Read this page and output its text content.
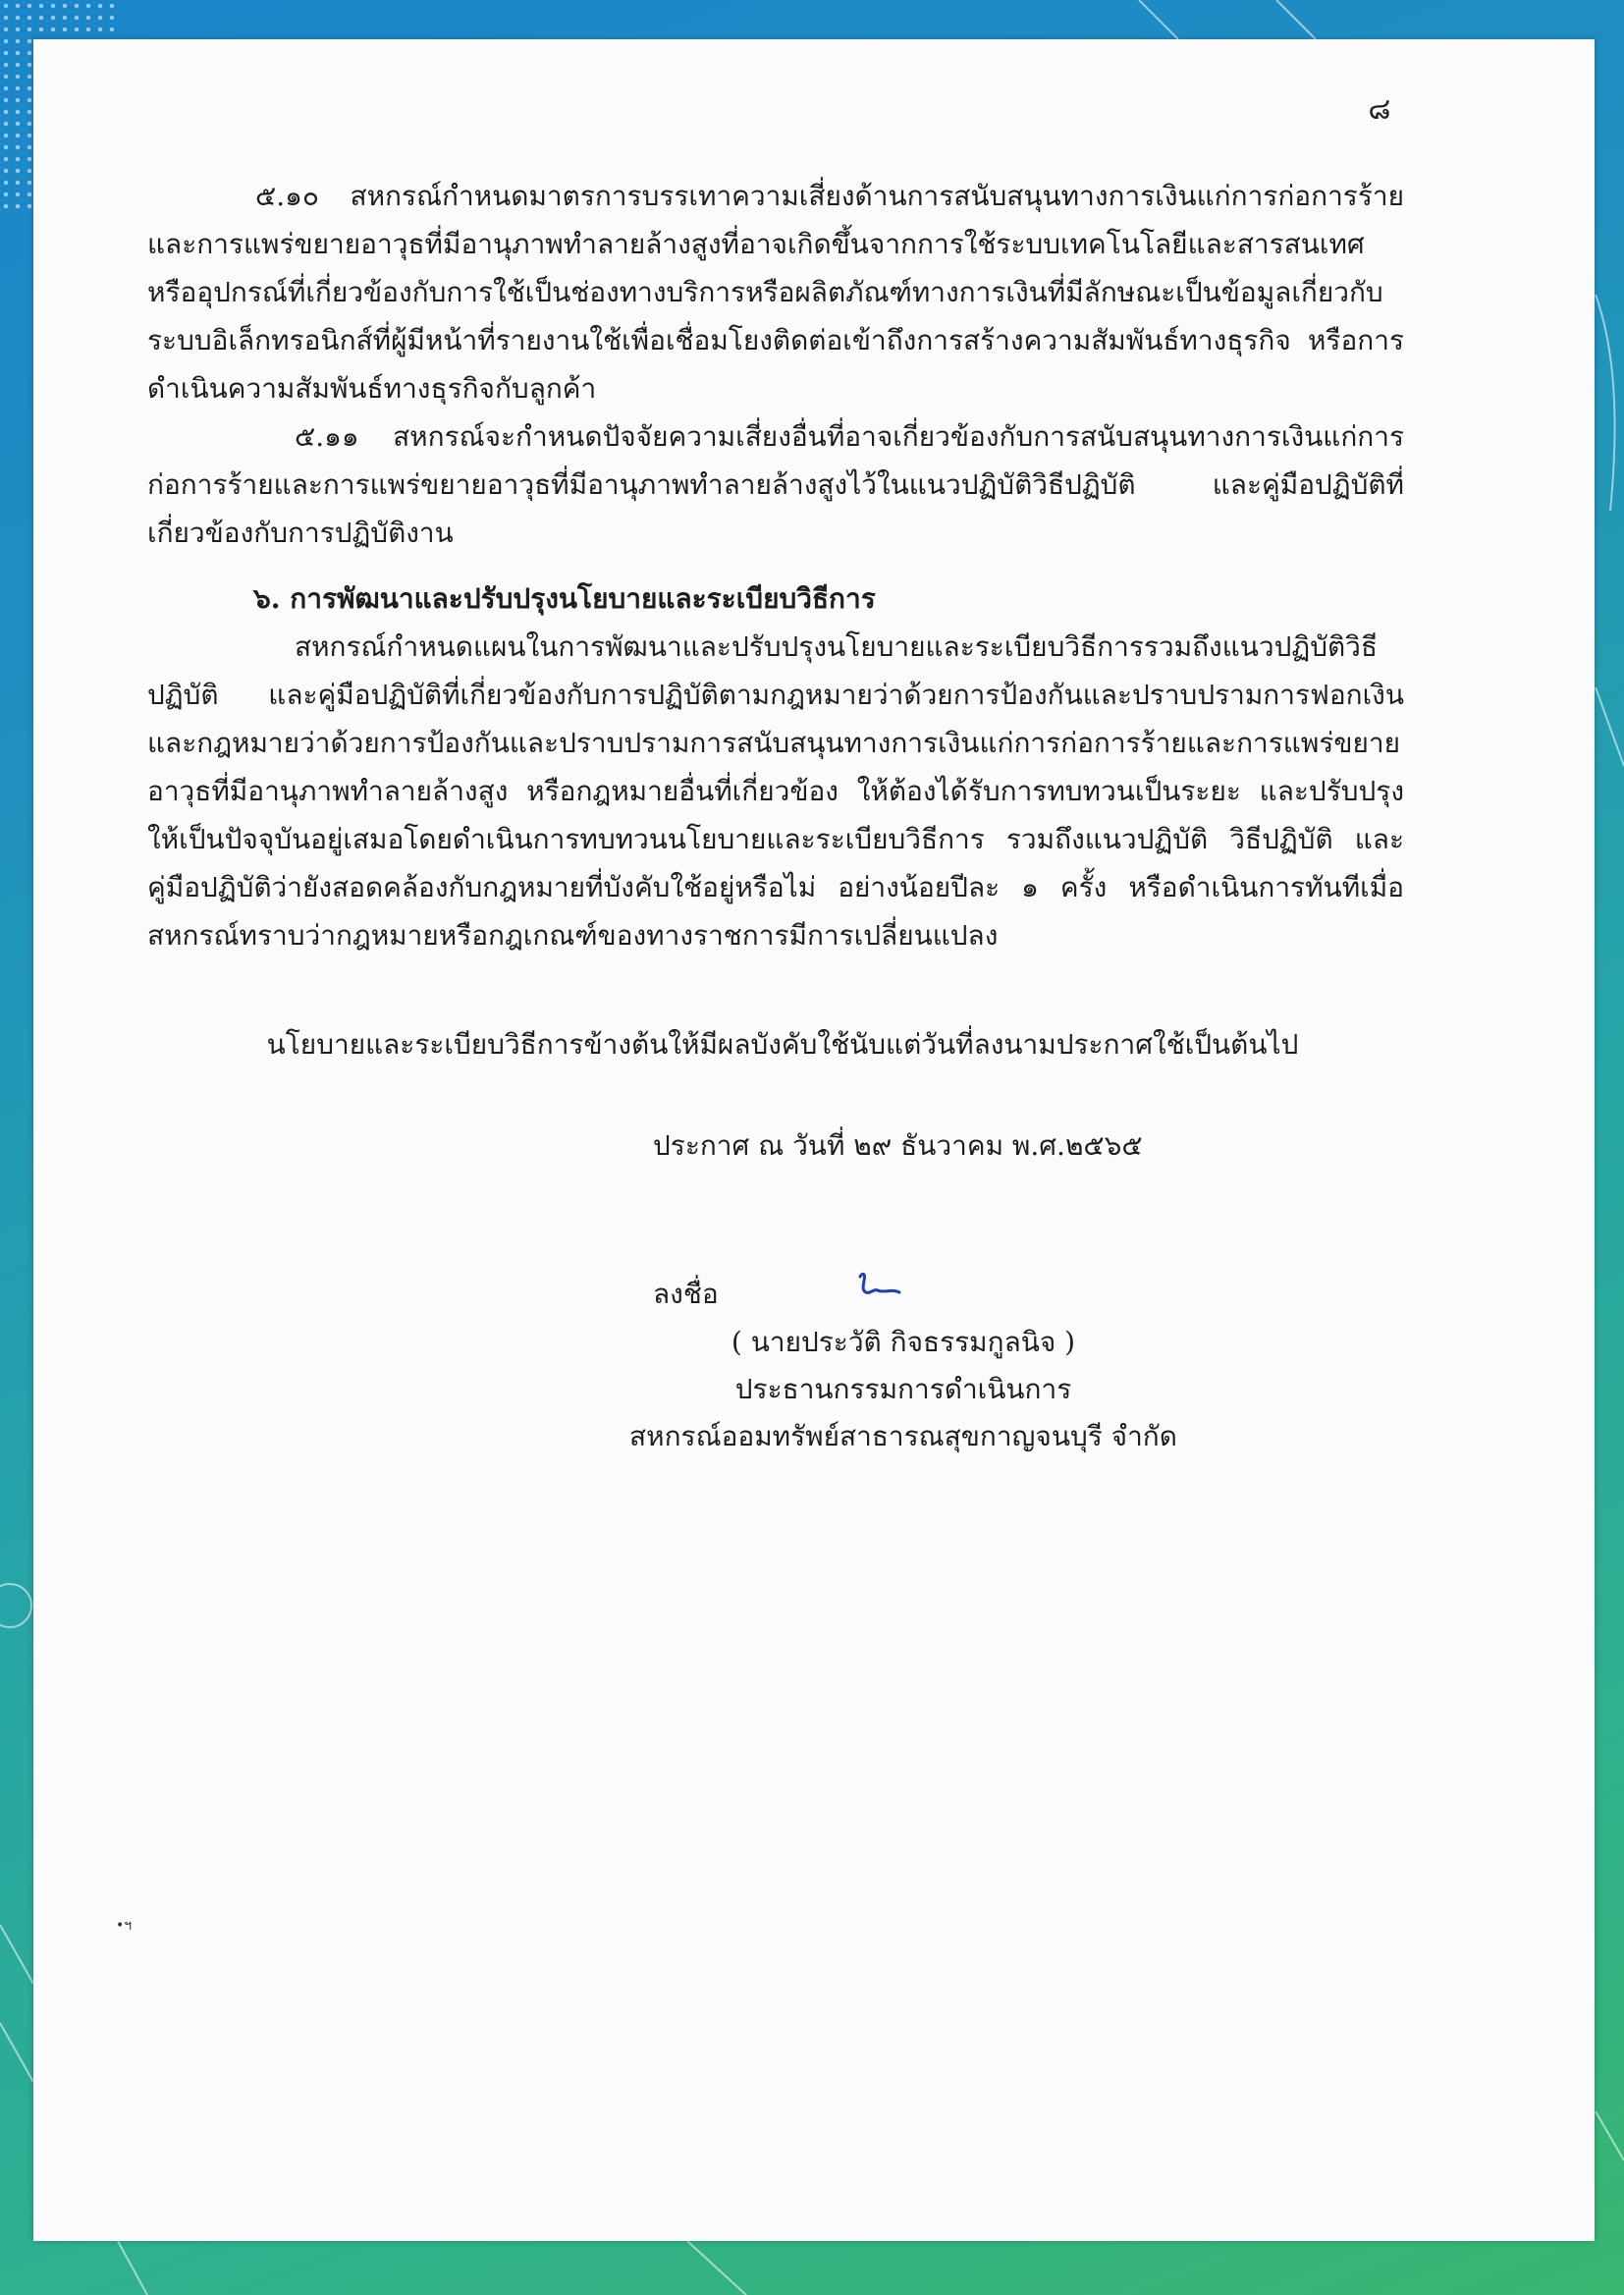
๘

๕.๑๐ สหกรณ์กำหนดมาตรการบรรเทาความเสี่ยงด้านการสนับสนุนทางการเงินแก่การก่อการร้ายและการแพร่ขยายอาวุธที่มีอานุภาพทำลายล้างสูงที่อาจเกิดขึ้นจากการใช้ระบบเทคโนโลยีและสารสนเทศหรืออุปกรณ์ที่เกี่ยวข้องกับการใช้เป็นช่องทางบริการหรือผลิตภัณฑ์ทางการเงินที่มีลักษณะเป็นข้อมูลเกี่ยวกับระบบอิเล็กทรอนิกส์ที่ผู้มีหน้าที่รายงานใช้เพื่อเชื่อมโยงติดต่อเข้าถึงการสร้างความสัมพันธ์ทางธุรกิจ หรือการดำเนินความสัมพันธ์ทางธุรกิจกับลูกค้า

๕.๑๑ สหกรณ์จะกำหนดปัจจัยความเสี่ยงอื่นที่อาจเกี่ยวข้องกับการสนับสนุนทางการเงินแก่การก่อการร้ายและการแพร่ขยายอาวุธที่มีอานุภาพทำลายล้างสูงไว้ในแนวปฏิบัติวิธีปฏิบัติ และคู่มือปฏิบัติที่เกี่ยวข้องกับการปฏิบัติงาน

๖. การพัฒนาและปรับปรุงนโยบายและระเบียบวิธีการ

สหกรณ์กำหนดแผนในการพัฒนาและปรับปรุงนโยบายและระเบียบวิธีการรวมถึงแนวปฏิบัติวิธีปฏิบัติ และคู่มือปฏิบัติที่เกี่ยวข้องกับการปฏิบัติตามกฎหมายว่าด้วยการป้องกันและปราบปรามการฟอกเงินและกฎหมายว่าด้วยการป้องกันและปราบปรามการสนับสนุนทางการเงินแก่การก่อการร้ายและการแพร่ขยายอาวุธที่มีอานุภาพทำลายล้างสูง หรือกฎหมายอื่นที่เกี่ยวข้อง ให้ต้องได้รับการทบทวนเป็นระยะ และปรับปรุงให้เป็นปัจจุบันอยู่เสมอโดยดำเนินการทบทวนนโยบายและระเบียบวิธีการ รวมถึงแนวปฏิบัติ วิธีปฏิบัติ และคู่มือปฏิบัติว่ายังสอดคล้องกับกฎหมายที่บังคับใช้อยู่หรือไม่ อย่างน้อยปีละ ๑ ครั้ง หรือดำเนินการทันทีเมื่อสหกรณ์ทราบว่ากฎหมายหรือกฎเกณฑ์ของทางราชการมีการเปลี่ยนแปลง

นโยบายและระเบียบวิธีการข้างต้นให้มีผลบังคับใช้นับแต่วันที่ลงนามประกาศใช้เป็นต้นไป
ประกาศ ณ วันที่ ๒๙ ธันวาคม พ.ศ.๒๕๖๕
ลงชื่อ
( นายประวัติ กิจธรรมกูลนิจ )
ประธานกรรมการดำเนินการ
สหกรณ์ออมทรัพย์สาธารณสุขกาญจนบุรี จำกัด
•ฯ
